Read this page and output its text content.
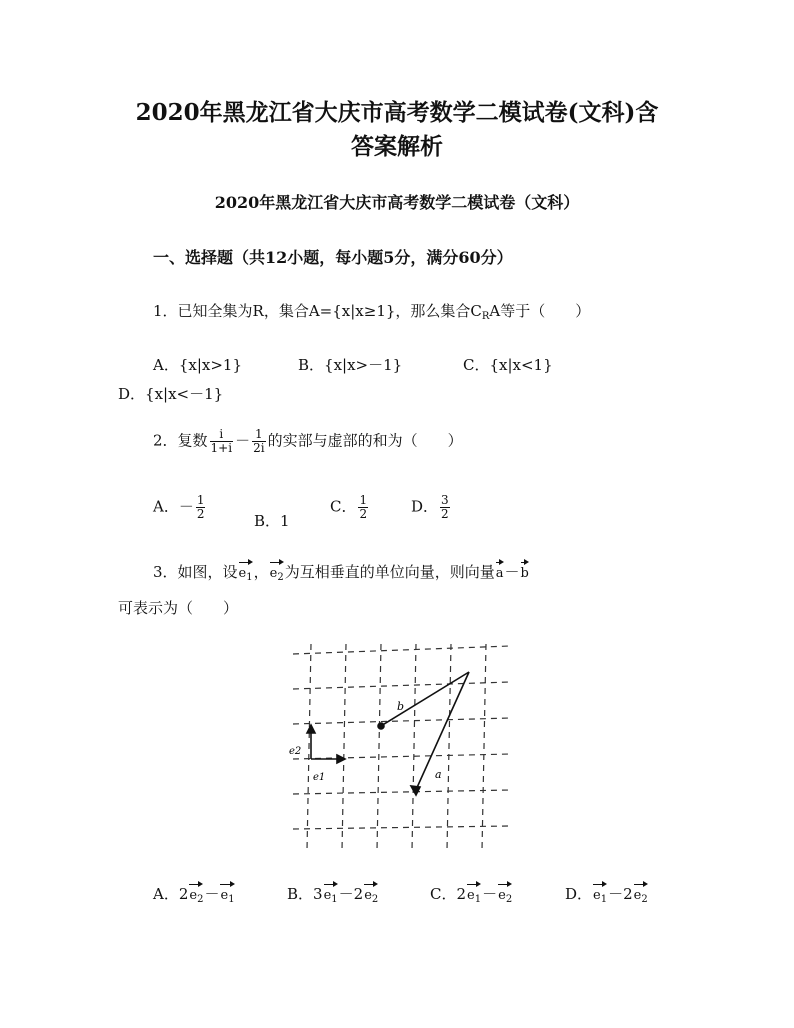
2020年黑龙江省大庆市高考数学二模试卷(文科)含
答案解析
2020年黑龙江省大庆市高考数学二模试卷（文科）
一、选择题（共12小题，每小题5分，满分60分）
1．已知全集为R，集合A={x|x≥1}，那么集合$C_RA$等于（　　）
A．{x|x>1}	B．{x|x>－1}	C．{x|x<1}
D．{x|x<－1}
2．复数 $\frac{i}{1+i} - \frac{1}{2i}$ 的实部与虚部的和为（　　）
A．－ $\frac{1}{2}$	B．1
C． $\frac{1}{2}$	D． $\frac{3}{2}$
3．如图，设$e_1$，$e_2$为互相垂直的单位向量，则向量a－b
可表示为（　　）
b
a
e1
e2
A．$2e_2-e_1$	B．$3e_1-2e_2$	C．$2e_1-e_2$	D．$e_1-2e_2$
